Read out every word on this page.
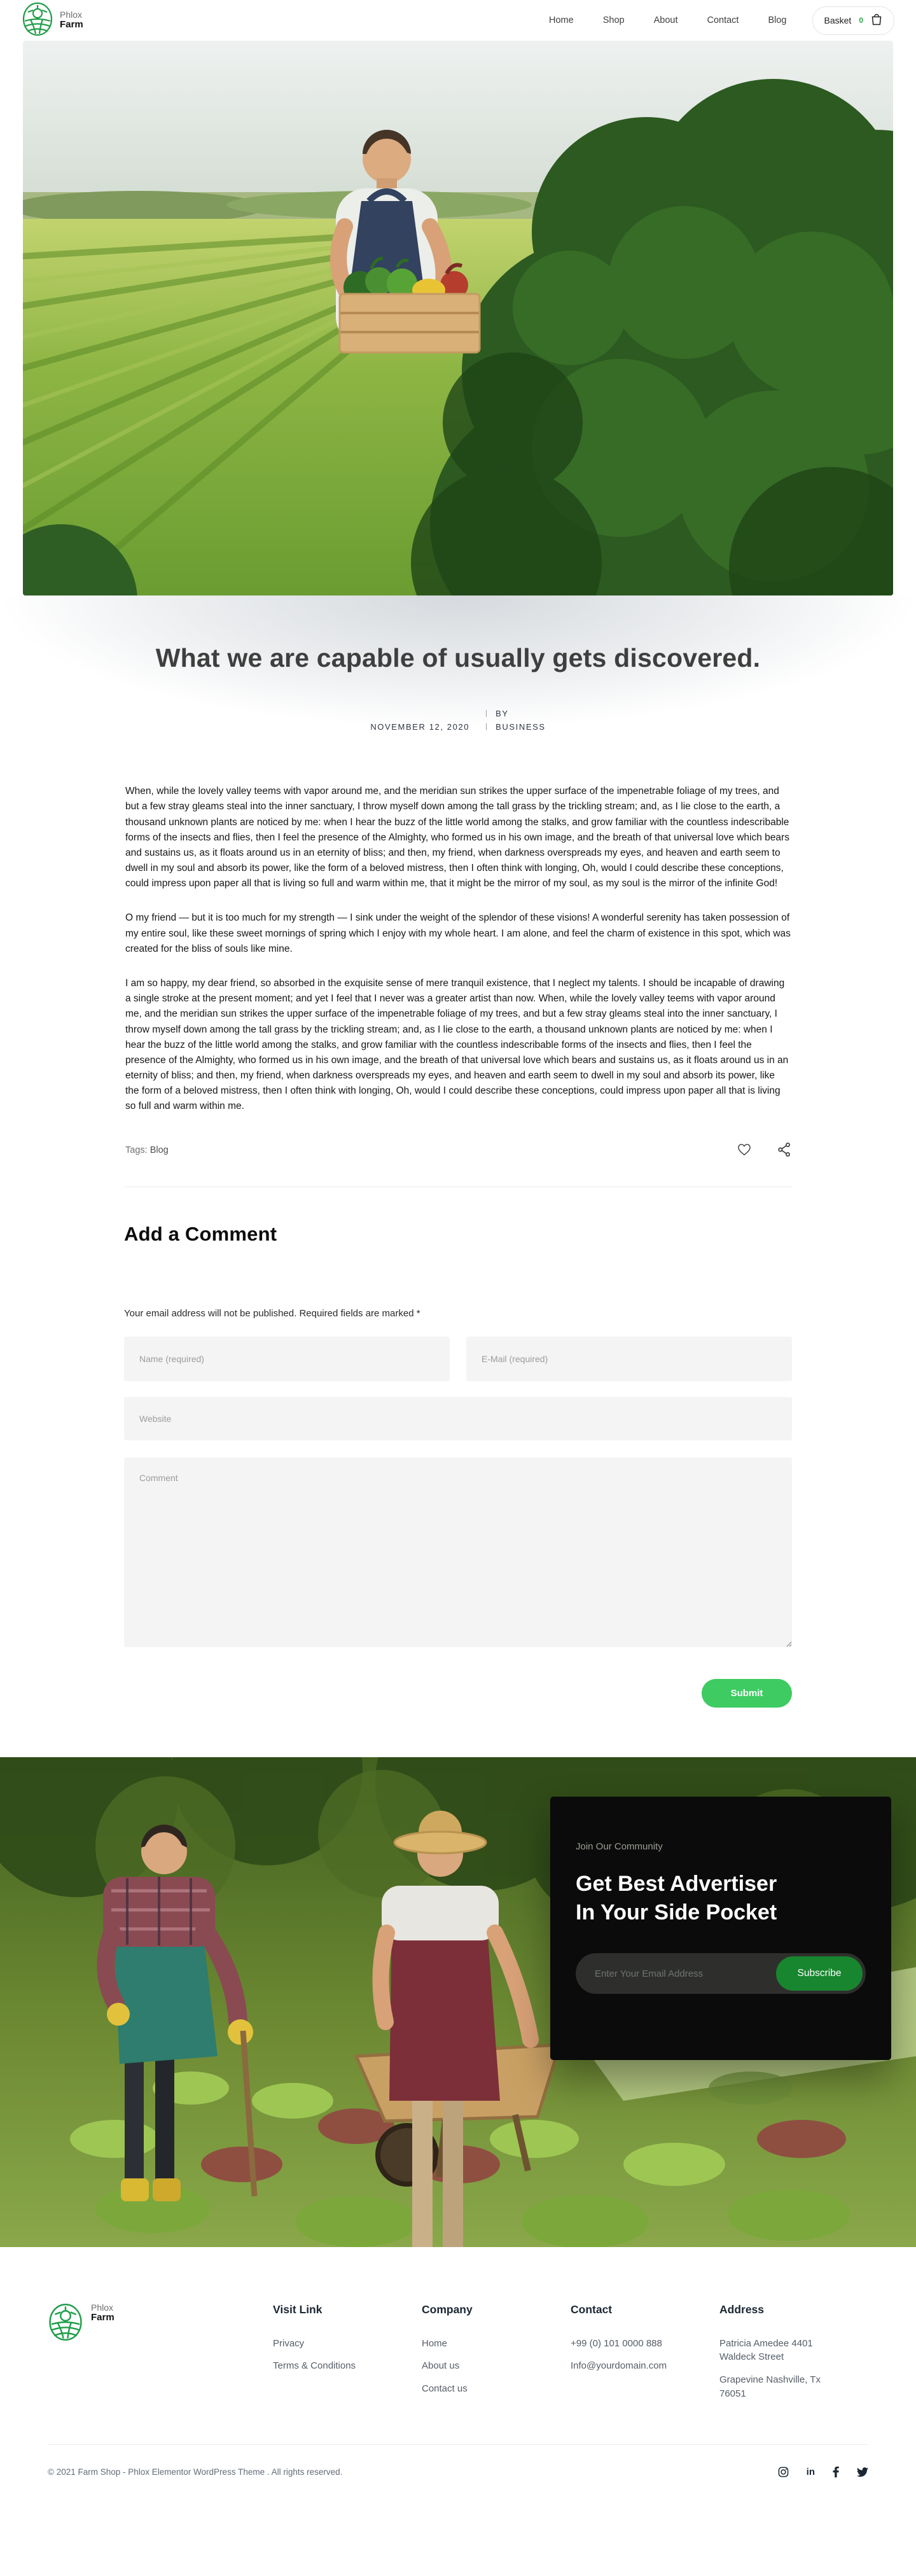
Phlox
Farm	Home	Shop	About	Contact	Blog	Basket 0
What we are capable of usually gets discovered.
NOVEMBER 12, 2020
BY
BUSINESS

When, while the lovely valley teems with vapor around me, and the meridian sun strikes the upper surface of the impenetrable foliage of my trees, and but a few stray gleams steal into the inner sanctuary, I throw myself down among the tall grass by the trickling stream; and, as I lie close to the earth, a thousand unknown plants are noticed by me: when I hear the buzz of the little world among the stalks, and grow familiar with the countless indescribable forms of the insects and flies, then I feel the presence of the Almighty, who formed us in his own image, and the breath of that universal love which bears and sustains us, as it floats around us in an eternity of bliss; and then, my friend, when darkness overspreads my eyes, and heaven and earth seem to dwell in my soul and absorb its power, like the form of a beloved mistress, then I often think with longing, Oh, would I could describe these conceptions, could impress upon paper all that is living so full and warm within me, that it might be the mirror of my soul, as my soul is the mirror of the infinite God!

O my friend — but it is too much for my strength — I sink under the weight of the splendor of these visions! A wonderful serenity has taken possession of my entire soul, like these sweet mornings of spring which I enjoy with my whole heart. I am alone, and feel the charm of existence in this spot, which was created for the bliss of souls like mine.

I am so happy, my dear friend, so absorbed in the exquisite sense of mere tranquil existence, that I neglect my talents. I should be incapable of drawing a single stroke at the present moment; and yet I feel that I never was a greater artist than now. When, while the lovely valley teems with vapor around me, and the meridian sun strikes the upper surface of the impenetrable foliage of my trees, and but a few stray gleams steal into the inner sanctuary, I throw myself down among the tall grass by the trickling stream; and, as I lie close to the earth, a thousand unknown plants are noticed by me: when I hear the buzz of the little world among the stalks, and grow familiar with the countless indescribable forms of the insects and flies, then I feel the presence of the Almighty, who formed us in his own image, and the breath of that universal love which bears and sustains us, as it floats around us in an eternity of bliss; and then, my friend, when darkness overspreads my eyes, and heaven and earth seem to dwell in my soul and absorb its power, like the form of a beloved mistress, then I often think with longing, Oh, would I could describe these conceptions, could impress upon paper all that is living so full and warm within me.

Tags: Blog
Add a Comment

Your email address will not be published. Required fields are marked *

Name (required)
E-Mail (required)
Website Comment
Submit
Join Our Community
Get Best Advertiser
In Your Side Pocket
Enter Your Email Address
Subscribe
Phlox
Farm
Visit Link
Privacy
Terms & Conditions
Company
Home
About us
Contact us
Contact
+99 (0) 101 0000 888
Info@yourdomain.com
Address
Patricia Amedee 4401 Waldeck Street
Grapevine Nashville, Tx 76051
© 2021 Farm Shop - Phlox Elementor WordPress Theme . All rights reserved.	in
